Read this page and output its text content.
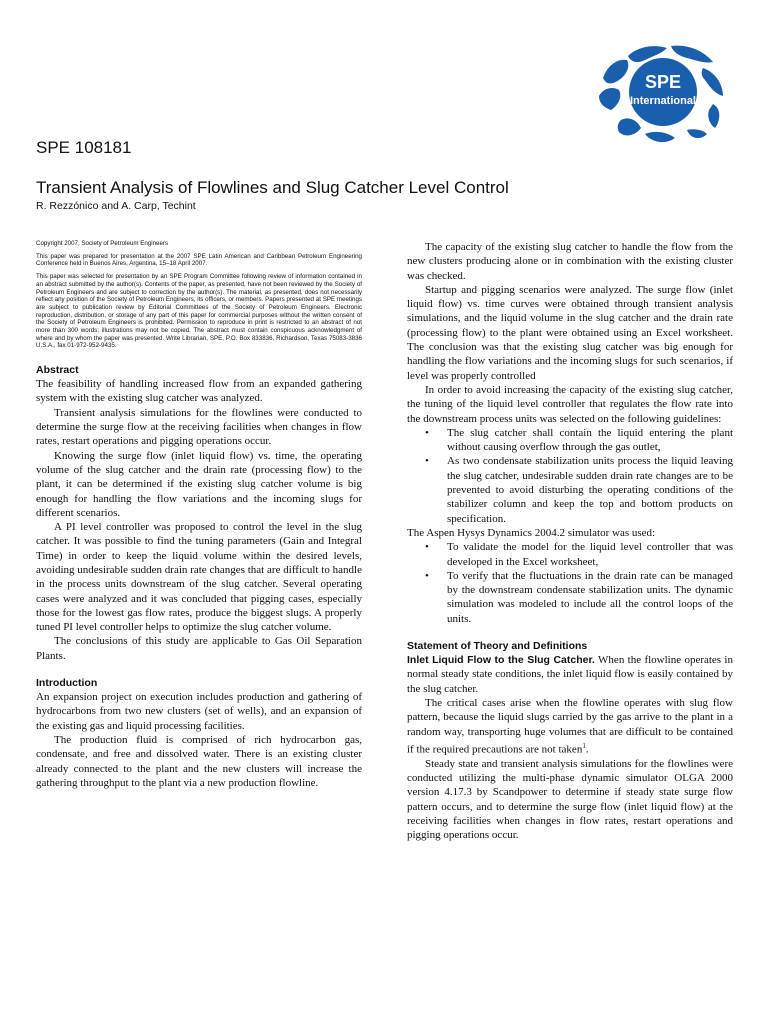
SPE
International
SPE 108181
Transient Analysis of Flowlines and Slug Catcher Level Control
R. Rezzónico and A. Carp, Techint

Copyright 2007, Society of Petroleum Engineers

This paper was prepared for presentation at the 2007 SPE Latin American and Caribbean Petroleum Engineering Conference held in Buenos Aires, Argentina, 15–18 April 2007.

This paper was selected for presentation by an SPE Program Committee following review of information contained in an abstract submitted by the author(s). Contents of the paper, as presented, have not been reviewed by the Society of Petroleum Engineers and are subject to correction by the author(s). The material, as presented, does not necessarily reflect any position of the Society of Petroleum Engineers, its officers, or members. Papers presented at SPE meetings are subject to publication review by Editorial Committees of the Society of Petroleum Engineers. Electronic reproduction, distribution, or storage of any part of this paper for commercial purposes without the written consent of the Society of Petroleum Engineers is prohibited. Permission to reproduce in print is restricted to an abstract of not more than 300 words; illustrations may not be copied. The abstract must contain conspicuous acknowledgment of where and by whom the paper was presented. Write Librarian, SPE, P.O. Box 833836, Richardson, Texas 75083-3836 U.S.A., fax 01-972-952-9435.

Abstract

The feasibility of handling increased flow from an expanded gathering system with the existing slug catcher was analyzed.

Transient analysis simulations for the flowlines were conducted to determine the surge flow at the receiving facilities when changes in flow rates, restart operations and pigging operations occur.

Knowing the surge flow (inlet liquid flow) vs. time, the operating volume of the slug catcher and the drain rate (processing flow) to the plant, it can be determined if the existing slug catcher volume is big enough for handling the flow variations and the incoming slugs for different scenarios.

A PI level controller was proposed to control the level in the slug catcher. It was possible to find the tuning parameters (Gain and Integral Time) in order to keep the liquid volume within the desired levels, avoiding undesirable sudden drain rate changes that are difficult to handle in the process units downstream of the slug catcher. Several operating cases were analyzed and it was concluded that pigging cases, especially those for the lowest gas flow rates, produce the biggest slugs. A properly tuned PI level controller helps to optimize the slug catcher volume.

The conclusions of this study are applicable to Gas Oil Separation Plants.

Introduction

An expansion project on execution includes production and gathering of hydrocarbons from two new clusters (set of wells), and an expansion of the existing gas and liquid processing facilities.

The production fluid is comprised of rich hydrocarbon gas, condensate, and free and dissolved water. There is an existing cluster already connected to the plant and the new clusters will increase the gathering throughput to the plant via a new production flowline.

The capacity of the existing slug catcher to handle the flow from the new clusters producing alone or in combination with the existing cluster was checked.

Startup and pigging scenarios were analyzed. The surge flow (inlet liquid flow) vs. time curves were obtained through transient analysis simulations, and the liquid volume in the slug catcher and the drain rate (processing flow) to the plant were obtained using an Excel worksheet. The conclusion was that the existing slug catcher was big enough for handling the flow variations and the incoming slugs for such scenarios, if level was properly controlled

In order to avoid increasing the capacity of the existing slug catcher, the tuning of the liquid level controller that regulates the flow rate into the downstream process units was selected on the following guidelines:

• The slug catcher shall contain the liquid entering the plant without causing overflow through the gas outlet,
• As two condensate stabilization units process the liquid leaving the slug catcher, undesirable sudden drain rate changes are to be prevented to avoid disturbing the operating conditions of the stabilizer column and keep the top and bottom products on specification.

The Aspen Hysys Dynamics 2004.2 simulator was used:

• To validate the model for the liquid level controller that was developed in the Excel worksheet,
• To verify that the fluctuations in the drain rate can be managed by the downstream condensate stabilization units. The dynamic simulation was modeled to include all the control loops of the units.
Statement of Theory and Definitions

Inlet Liquid Flow to the Slug Catcher. When the flowline operates in normal steady state conditions, the inlet liquid flow is easily contained by the slug catcher.

The critical cases arise when the flowline operates with slug flow pattern, because the liquid slugs carried by the gas arrive to the plant in a random way, transporting huge volumes that are difficult to be contained if the required precautions are not taken$^1$.

Steady state and transient analysis simulations for the flowlines were conducted utilizing the multi-phase dynamic simulator OLGA 2000 version 4.17.3 by Scandpower to determine if steady state surge flow pattern occurs, and to determine the surge flow (inlet liquid flow) at the receiving facilities when changes in flow rates, restart operations and pigging operations occur.
